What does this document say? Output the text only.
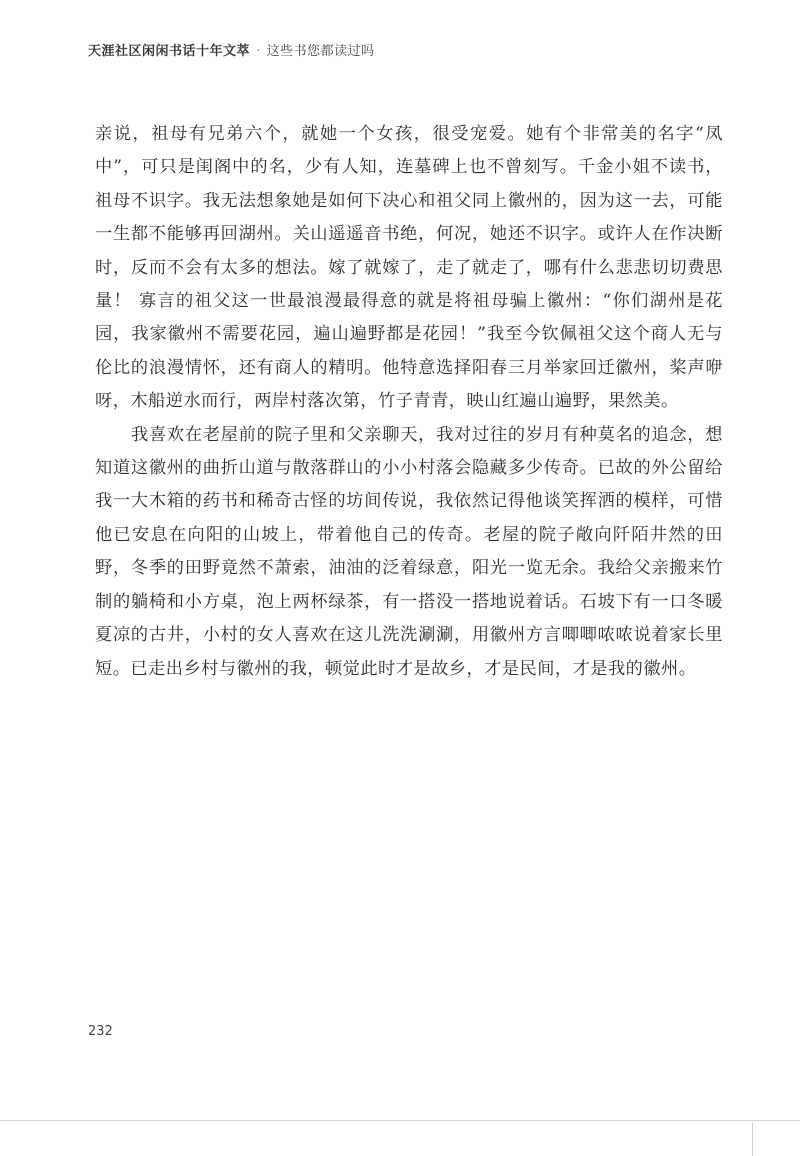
天涯社区闲闲书话十年文萃 · 这些书您都读过吗

亲说，祖母有兄弟六个，就她一个女孩，很受宠爱。她有个非常美的名字“凤中”，可只是闺阁中的名，少有人知，连墓碑上也不曾刻写。千金小姐不读书，祖母不识字。我无法想象她是如何下决心和祖父同上徽州的，因为这一去，可能一生都不能够再回湖州。关山遥遥音书绝，何况，她还不识字。或许人在作决断时，反而不会有太多的想法。嫁了就嫁了，走了就走了，哪有什么悲悲切切费思量！ 寡言的祖父这一世最浪漫最得意的就是将祖母骗上徽州：“你们湖州是花园，我家徽州不需要花园，遍山遍野都是花园！”我至今钦佩祖父这个商人无与伦比的浪漫情怀，还有商人的精明。他特意选择阳春三月举家回迁徽州，桨声咿呀，木船逆水而行，两岸村落次第，竹子青青，映山红遍山遍野，果然美。

我喜欢在老屋前的院子里和父亲聊天，我对过往的岁月有种莫名的追念，想知道这徽州的曲折山道与散落群山的小小村落会隐藏多少传奇。已故的外公留给我一大木箱的药书和稀奇古怪的坊间传说，我依然记得他谈笑挥洒的模样，可惜他已安息在向阳的山坡上，带着他自己的传奇。老屋的院子敞向阡陌井然的田野，冬季的田野竟然不萧索，油油的泛着绿意，阳光一览无余。我给父亲搬来竹制的躺椅和小方桌，泡上两杯绿茶，有一搭没一搭地说着话。石坡下有一口冬暖夏凉的古井，小村的女人喜欢在这儿洗洗涮涮，用徽州方言唧唧哝哝说着家长里短。已走出乡村与徽州的我，顿觉此时才是故乡，才是民间，才是我的徽州。

232
